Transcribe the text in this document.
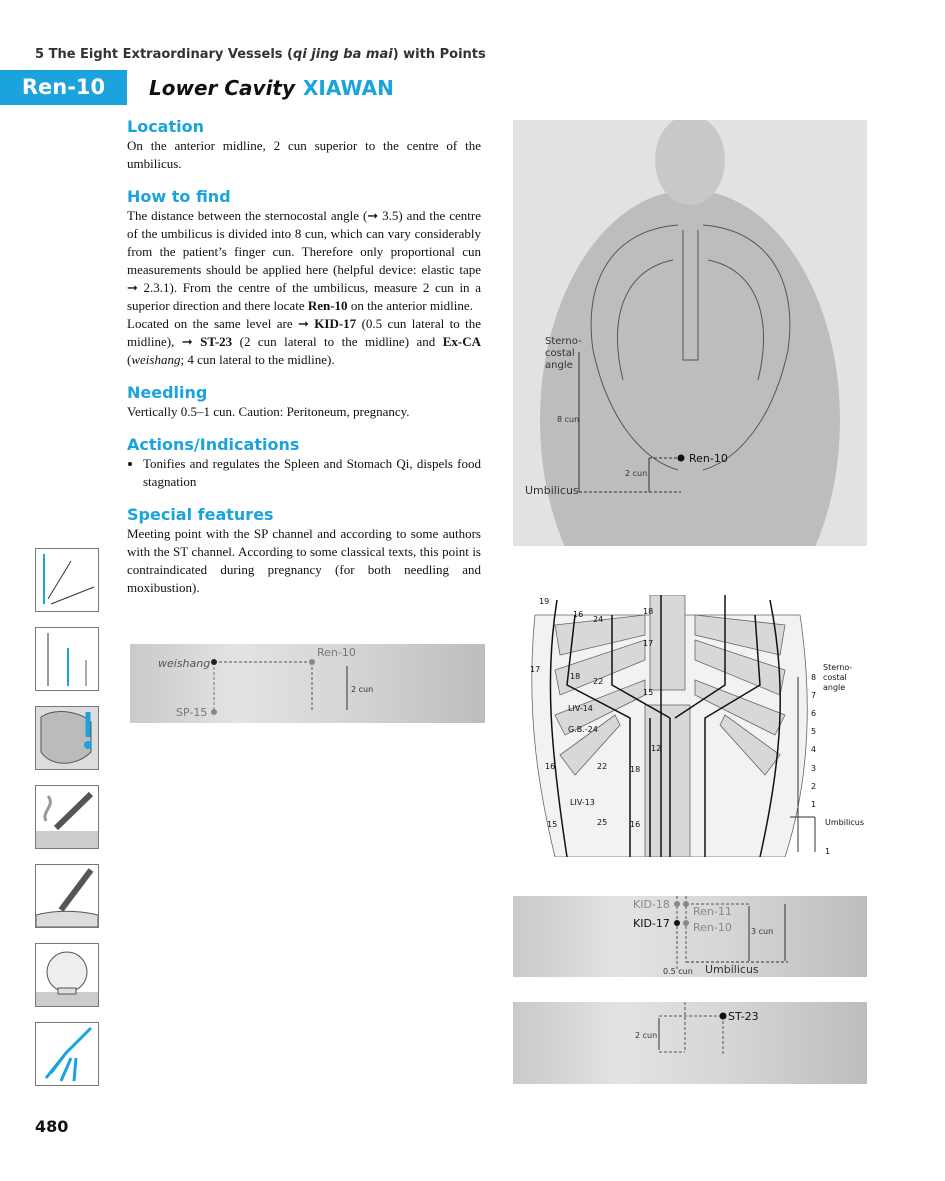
5 The Eight Extraordinary Vessels (qi jing ba mai) with Points
Ren-10	Lower Cavity XIAWAN
Location

On the anterior midline, 2 cun superior to the centre of the umbilicus.

How to find

The distance between the sternocostal angle (➞ 3.5) and the centre of the umbilicus is divided into 8 cun, which can vary considerably from the patient’s finger cun. Therefore only proportional cun measurements should be applied here (helpful device: elastic tape ➞ 2.3.1). From the centre of the umbilicus, measure 2 cun in a superior direction and there locate Ren-10 on the anterior midline.

Located on the same level are ➞ KID-17 (0.5 cun lateral to the midline), ➞ ST-23 (2 cun lateral to the midline) and Ex-CA (weishang; 4 cun lateral to the midline).

Needling

Vertically 0.5–1 cun. Caution: Peritoneum, pregnancy.

Actions/Indications
• Tonifies and regulates the Spleen and Stomach Qi, dispels food stagnation
Special features

Meeting point with the SP channel and according to some authors with the ST channel. According to some classical texts, this point is contraindicated during pregnancy (for both needling and moxibustion).

weishang
Ren-10
SP-15
2 cun
Sterno-
costal
angle
8 cun
Ren-10
2 cun
Umbilicus
19
16
24
18
17
17
18
22
15
LIV-14
G.B.-24
12
16	22	18
LIV-13
15	25	16
8
7
6
5
4
3
2
1
1
Sterno-
costal
angle
Umbilicus
KID-18
Ren-11
KID-17 Ren-10 3 cun
0.5 cun Umbilicus
ST-23
2 cun
480
